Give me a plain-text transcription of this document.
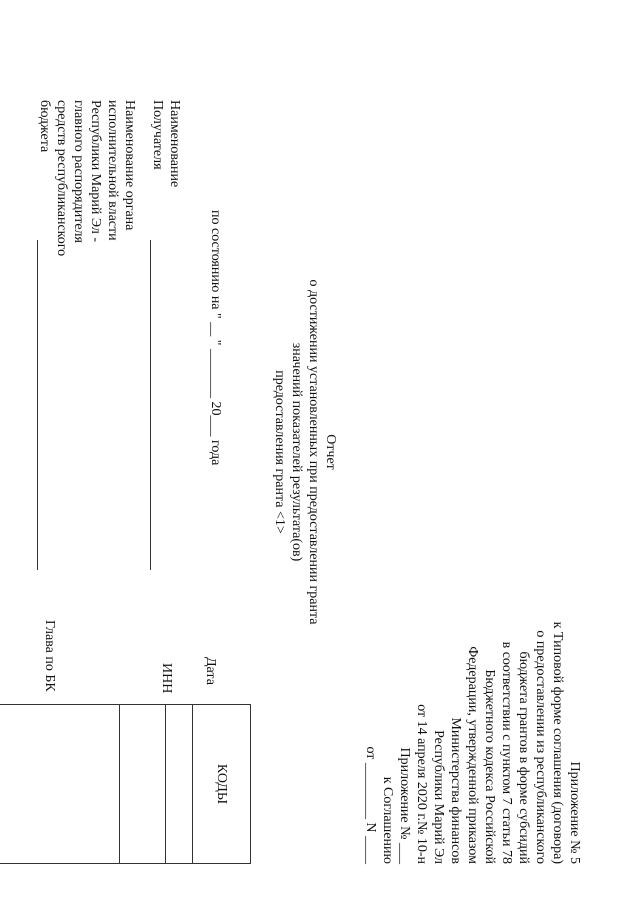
Приложение № 5
к Типовой форме соглашения (договора)
о предоставлении из республиканского
бюджета грантов в форме субсидий
в соответствии с пунктом 7 статьи 78
Бюджетного кодекса Российской
Федерации, утвержденной приказом
Министерства финансов
Республики Марий Эл
от 14 апреля 2020 г.№ 10-н
Приложение № ___
к Соглашению
от ________ N ____
Отчет
о достижении установленных при предоставлении гранта
значений показателей результата(ов)
предоставления гранта <1>
по состоянию на " __ " _______ 20___ года
Наименование
Получателя
Наименование органа
исполнительной власти
Республики Марий Эл -
главного распорядителя
средств республиканского
бюджета
Дата
ИНН
Глава по БК
КОДЫ
